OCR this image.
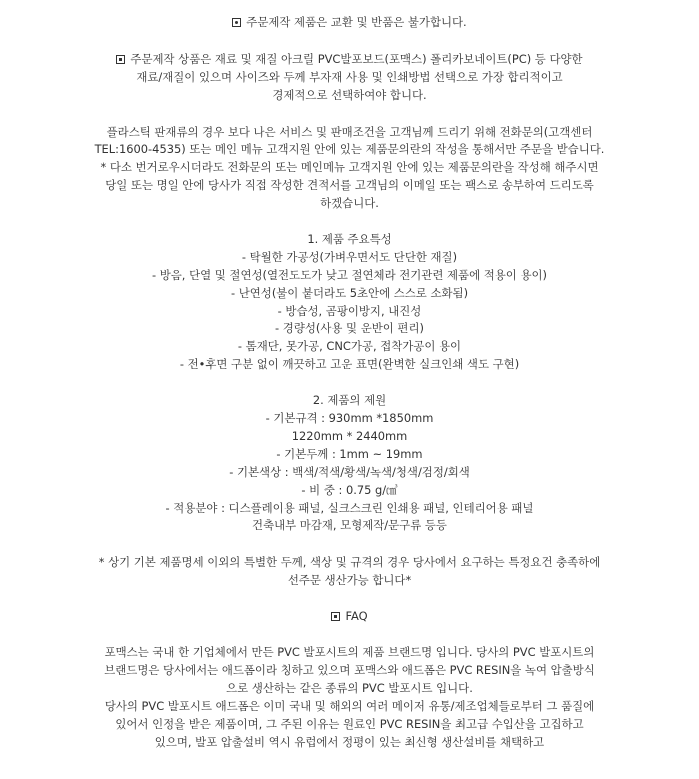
주문제작 제품은 교환 및 반품은 불가합니다.
주문제작 상품은 재료 및 재질 아크릴 PVC발포보드(포맥스) 폴리카보네이트(PC) 등 다양한
재료/재질이 있으며 사이즈와 두께 부자재 사용 및 인쇄방법 선택으로 가장 합리적이고
경제적으로 선택하여야 합니다.
플라스틱 판재류의 경우 보다 나은 서비스 및 판매조건을 고객님께 드리기 위해 전화문의(고객센터
TEL:1600-4535) 또는 메인 메뉴 고객지원 안에 있는 제품문의란의 작성을 통해서만 주문을 받습니다.
* 다소 번거로우시더라도 전화문의 또는 메인메뉴 고객지원 안에 있는 제품문의란을 작성해 해주시면
당일 또는 명일 안에 당사가 직접 작성한 견적서를 고객님의 이메일 또는 팩스로 송부하여 드리도록
하겠습니다.
1. 제품 주요특성
- 탁월한 가공성(가벼우면서도 단단한 재질)
- 방음, 단열 및 절연성(열전도도가 낮고 절연체라 전기관련 제품에 적용이 용이)
- 난연성(불이 붙더라도 5초안에 스스로 소화됨)
- 방습성, 곰팡이방지, 내진성
- 경량성(사용 및 운반이 편리)
- 톰재단, 못가공, CNC가공, 접착가공이 용이
- 전•후면 구분 없이 깨끗하고 고운 표면(완벽한 실크인쇄 색도 구현)
2. 제품의 제원
- 기본규격 : 930mm *1850mm
1220mm * 2440mm
- 기본두께 : 1mm ~ 19mm
- 기본색상 : 백색/적색/황색/녹색/청색/검정/회색
- 비 중 : 0.75 g/㎤
- 적용분야 : 디스플레이용 패널, 실크스크린 인쇄용 패널, 인테리어용 패널
건축내부 마감재, 모형제작/문구류 등등
* 상기 기본 제품명세 이외의 특별한 두께, 색상 및 규격의 경우 당사에서 요구하는 특정요건 충족하에
선주문 생산가능 합니다*
FAQ
포맥스는 국내 한 기업체에서 만든 PVC 발포시트의 제품 브랜드명 입니다. 당사의 PVC 발포시트의
브랜드명은 당사에서는 애드폼이라 칭하고 있으며 포맥스와 애드폼은 PVC RESIN을 녹여 압출방식
으로 생산하는 같은 종류의 PVC 발포시트 입니다.
당사의 PVC 발포시트 애드폼은 이미 국내 및 해외의 여러 메이저 유통/제조업체들로부터 그 품질에
있어서 인정을 받은 제품이며, 그 주된 이유는 원료인 PVC RESIN을 최고급 수입산을 고집하고
있으며, 발포 압출설비 역시 유럽에서 정평이 있는 최신형 생산설비를 채택하고
